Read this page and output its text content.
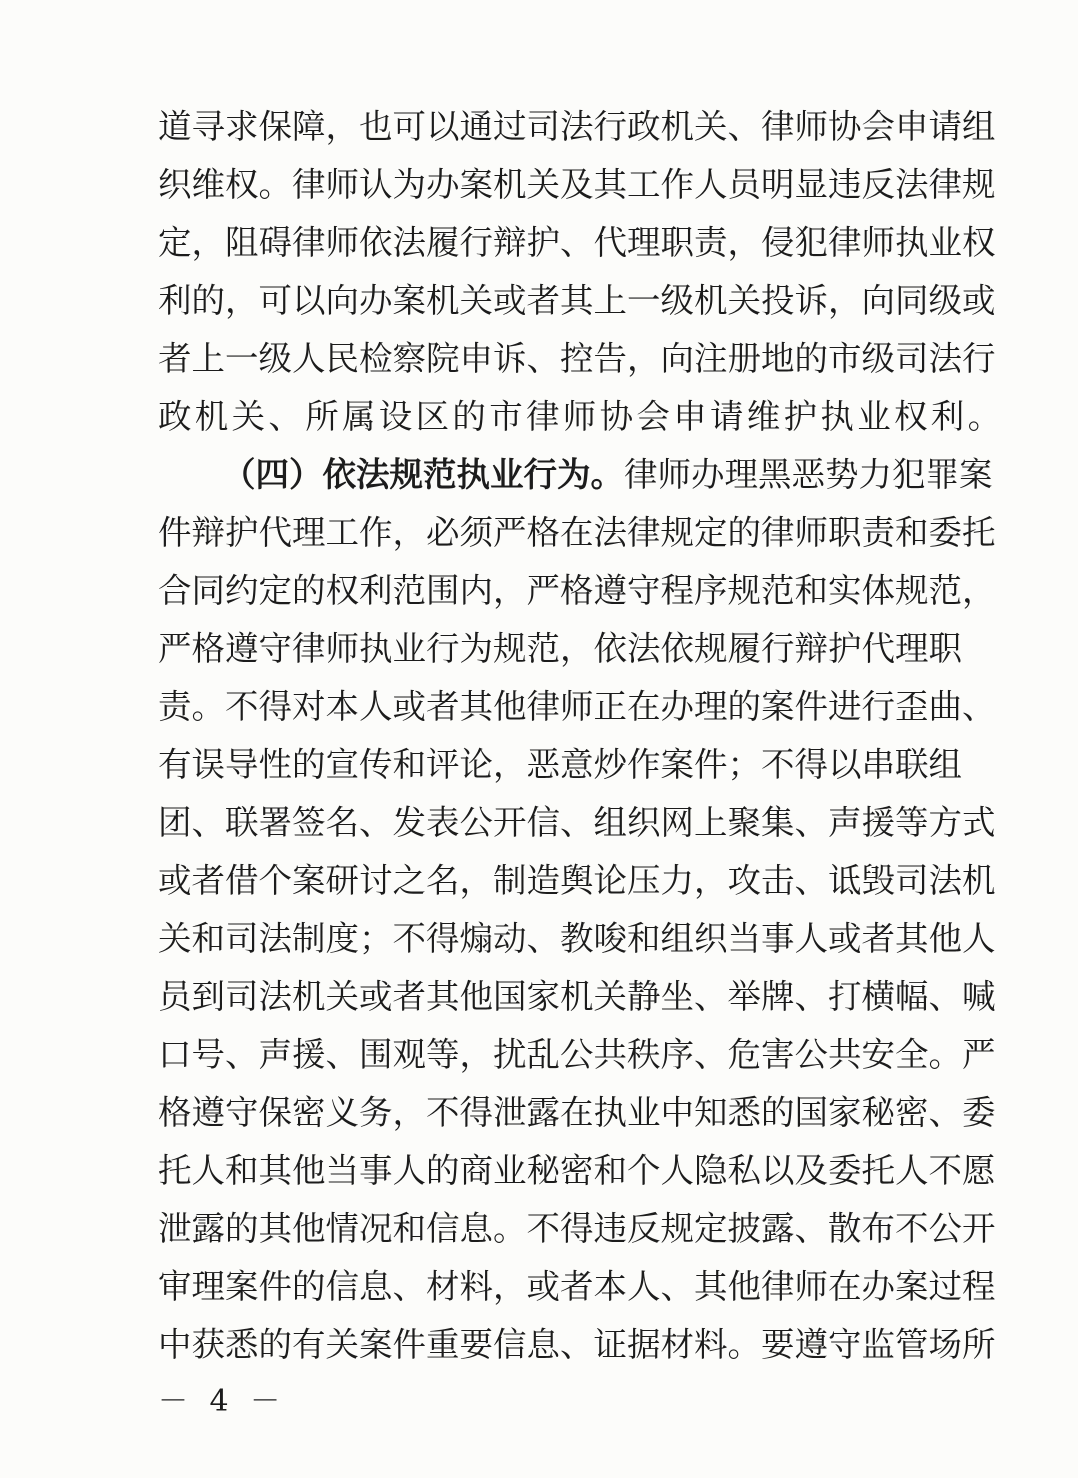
道寻求保障，也可以通过司法行政机关、律师协会申请组
织维权。律师认为办案机关及其工作人员明显违反法律规
定，阻碍律师依法履行辩护、代理职责，侵犯律师执业权
利的，可以向办案机关或者其上一级机关投诉，向同级或
者上一级人民检察院申诉、控告，向注册地的市级司法行
政机关、所属设区的市律师协会申请维护执业权利。
（四）依法规范执业行为。律师办理黑恶势力犯罪案
件辩护代理工作，必须严格在法律规定的律师职责和委托
合同约定的权利范围内，严格遵守程序规范和实体规范，
严格遵守律师执业行为规范，依法依规履行辩护代理职
责。不得对本人或者其他律师正在办理的案件进行歪曲、
有误导性的宣传和评论，恶意炒作案件；不得以串联组
团、联署签名、发表公开信、组织网上聚集、声援等方式
或者借个案研讨之名，制造舆论压力，攻击、诋毁司法机
关和司法制度；不得煽动、教唆和组织当事人或者其他人
员到司法机关或者其他国家机关静坐、举牌、打横幅、喊
口号、声援、围观等，扰乱公共秩序、危害公共安全。严
格遵守保密义务，不得泄露在执业中知悉的国家秘密、委
托人和其他当事人的商业秘密和个人隐私以及委托人不愿
泄露的其他情况和信息。不得违反规定披露、散布不公开
审理案件的信息、材料，或者本人、其他律师在办案过程
中获悉的有关案件重要信息、证据材料。要遵守监管场所
－ 4 －
